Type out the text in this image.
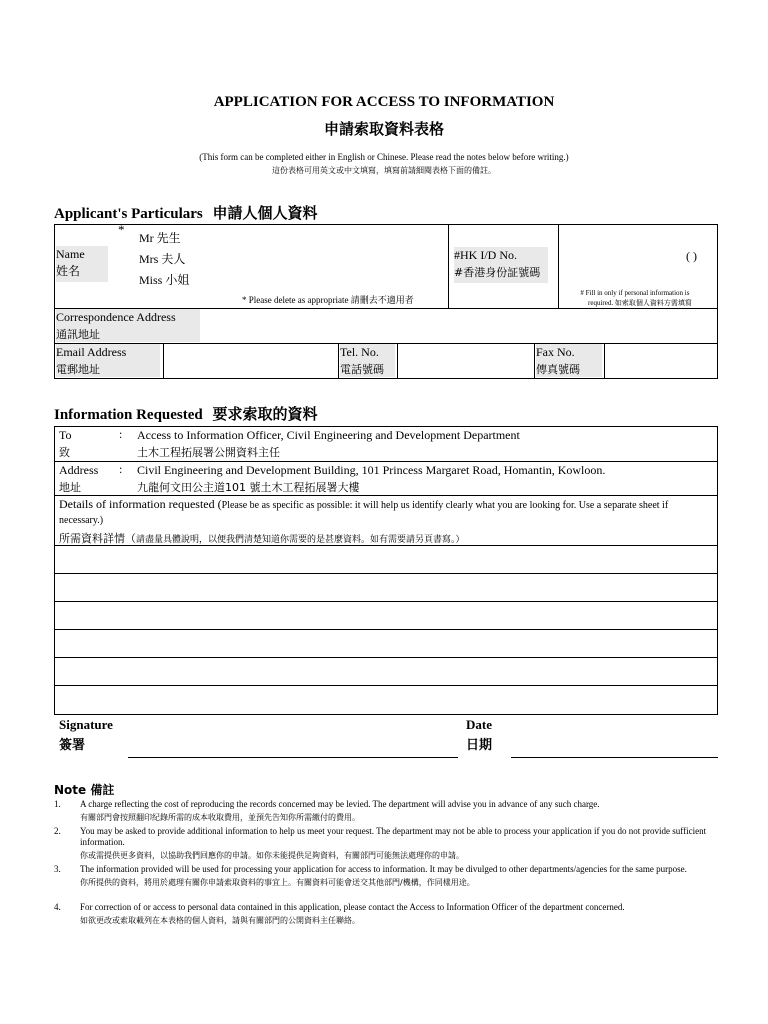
APPLICATION FOR ACCESS TO INFORMATION
申請索取資料表格
(This form can be completed either in English or Chinese. Please read the notes below before writing.)
這份表格可用英文或中文填寫，填寫前請細閱表格下面的備註。
Applicant's Particulars 申請人個人資料
Name
姓名
*
Mr 先生
Mrs 夫人
Miss 小姐
* Please delete as appropriate 請刪去不適用者
#HK I/D No.
#香港身份証號碼
( )
# Fill in only if personal information is
required. 如索取個人資料方需填寫
Correspondence Address
通訊地址
Email Address
電郵地址
Tel. No.
電話號碼
Fax No.
傳真號碼
Information Requested 要求索取的資料
To
致
: Access to Information Officer, Civil Engineering and Development Department
土木工程拓展署公開資料主任
Address
地址
: Civil Engineering and Development Building, 101 Princess Margaret Road, Homantin, Kowloon.
九龍何文田公主道101 號土木工程拓展署大樓
Details of information requested (Please be as specific as possible: it will help us identify clearly what you are looking for. Use a separate sheet if necessary.)
所需資料詳情（請盡量具體說明，以便我們清楚知道你需要的是甚麼資料。如有需要請另頁書寫。）
Signature
簽署
Date
日期
Note 備註
1. A charge reflecting the cost of reproducing the records concerned may be levied. The department will advise you in advance of any such charge.
有關部門會按照翻印紀錄所需的成本收取費用，並預先告知你所需繳付的費用。
2. You may be asked to provide additional information to help us meet your request. The department may not be able to process your application if you do not provide sufficient information.
你或需提供更多資料，以協助我們回應你的申請。如你未能提供足夠資料，有關部門可能無法處理你的申請。
3. The information provided will be used for processing your application for access to information. It may be divulged to other departments/agencies for the same purpose.
你所提供的資料，將用於處理有關你申請索取資料的事宜上。有關資料可能會送交其他部門/機構，作同樣用途。
4. For correction of or access to personal data contained in this application, please contact the Access to Information Officer of the department concerned.
如欲更改或索取載列在本表格的個人資料，請與有關部門的公開資料主任聯絡。
